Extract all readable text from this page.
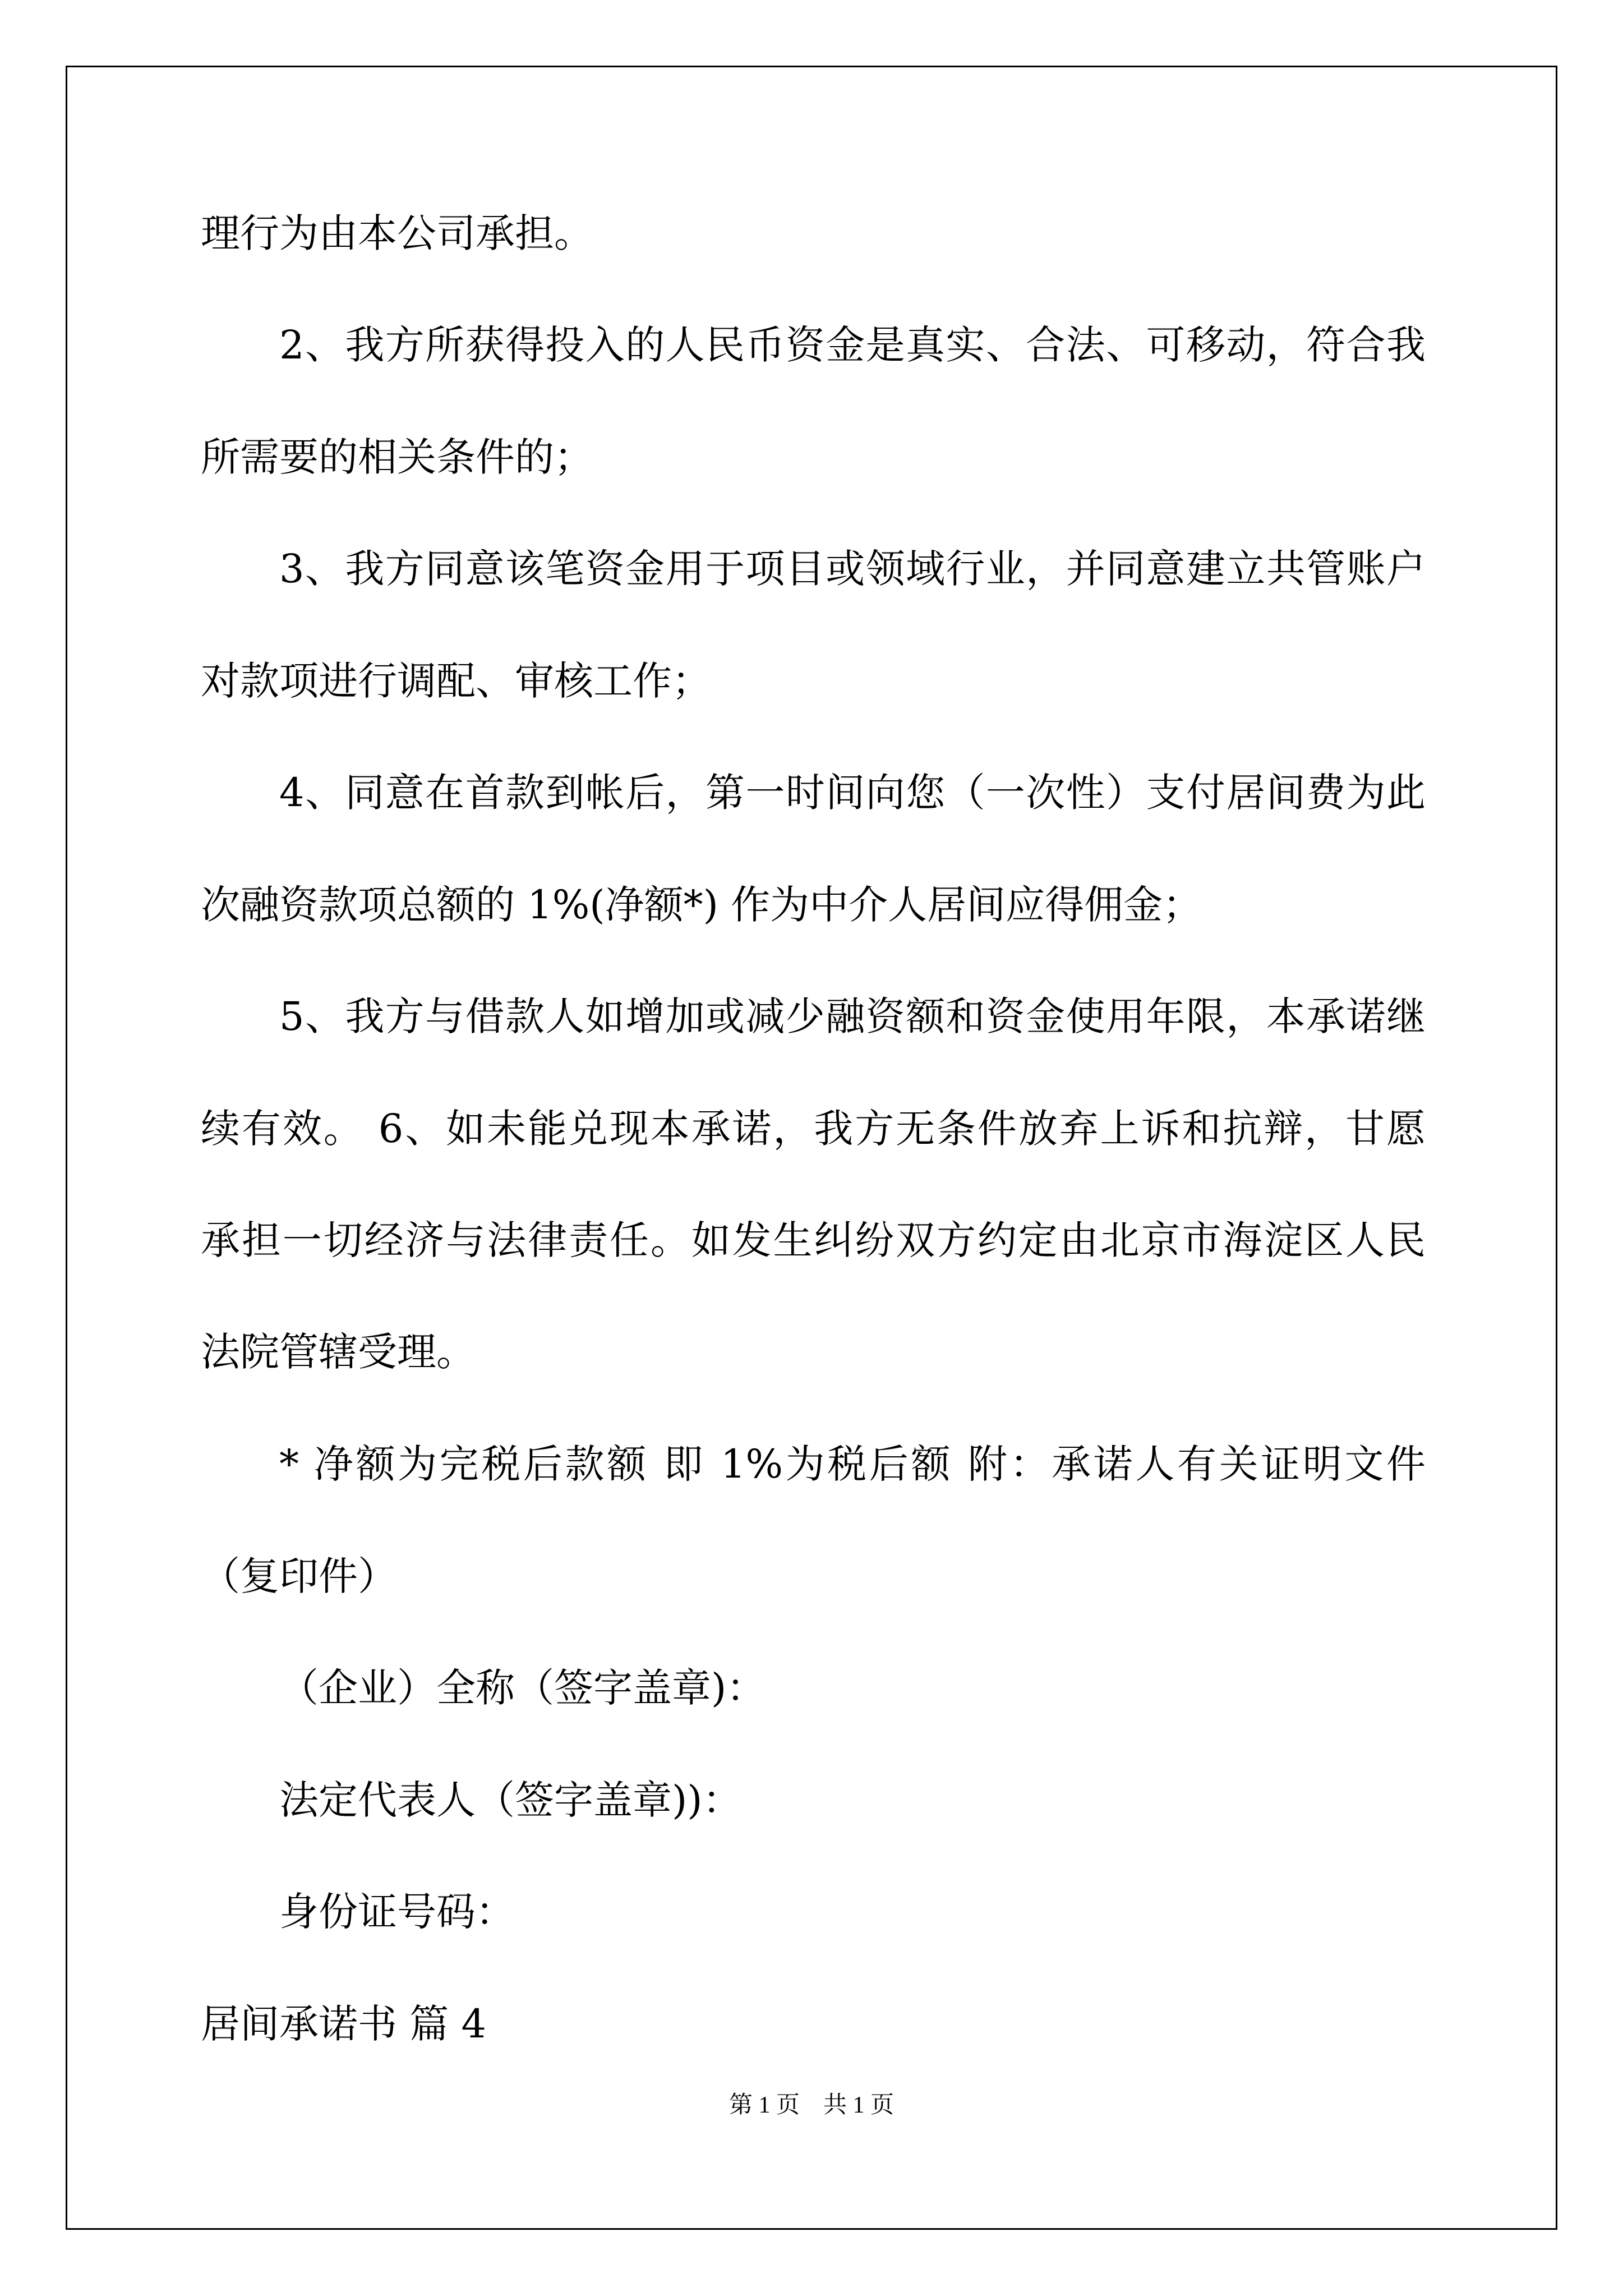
理行为由本公司承担。

2、我方所获得投入的人民币资金是真实、合法、可移动，符合我

所需要的相关条件的；

3、我方同意该笔资金用于项目或领域行业，并同意建立共管账户

对款项进行调配、审核工作；

4、同意在首款到帐后，第一时间向您（一次性）支付居间费为此

次融资款项总额的 1%(净额*) 作为中介人居间应得佣金；

5、我方与借款人如增加或减少融资额和资金使用年限，本承诺继

续有效。 6、如未能兑现本承诺，我方无条件放弃上诉和抗辩，甘愿

承担一切经济与法律责任。如发生纠纷双方约定由北京市海淀区人民

法院管辖受理。

* 净额为完税后款额 即 1%为税后额 附：承诺人有关证明文件

（复印件）

（企业）全称（签字盖章)：

法定代表人（签字盖章))：

身份证号码：

居间承诺书 篇 4

第 1 页　共 1 页
